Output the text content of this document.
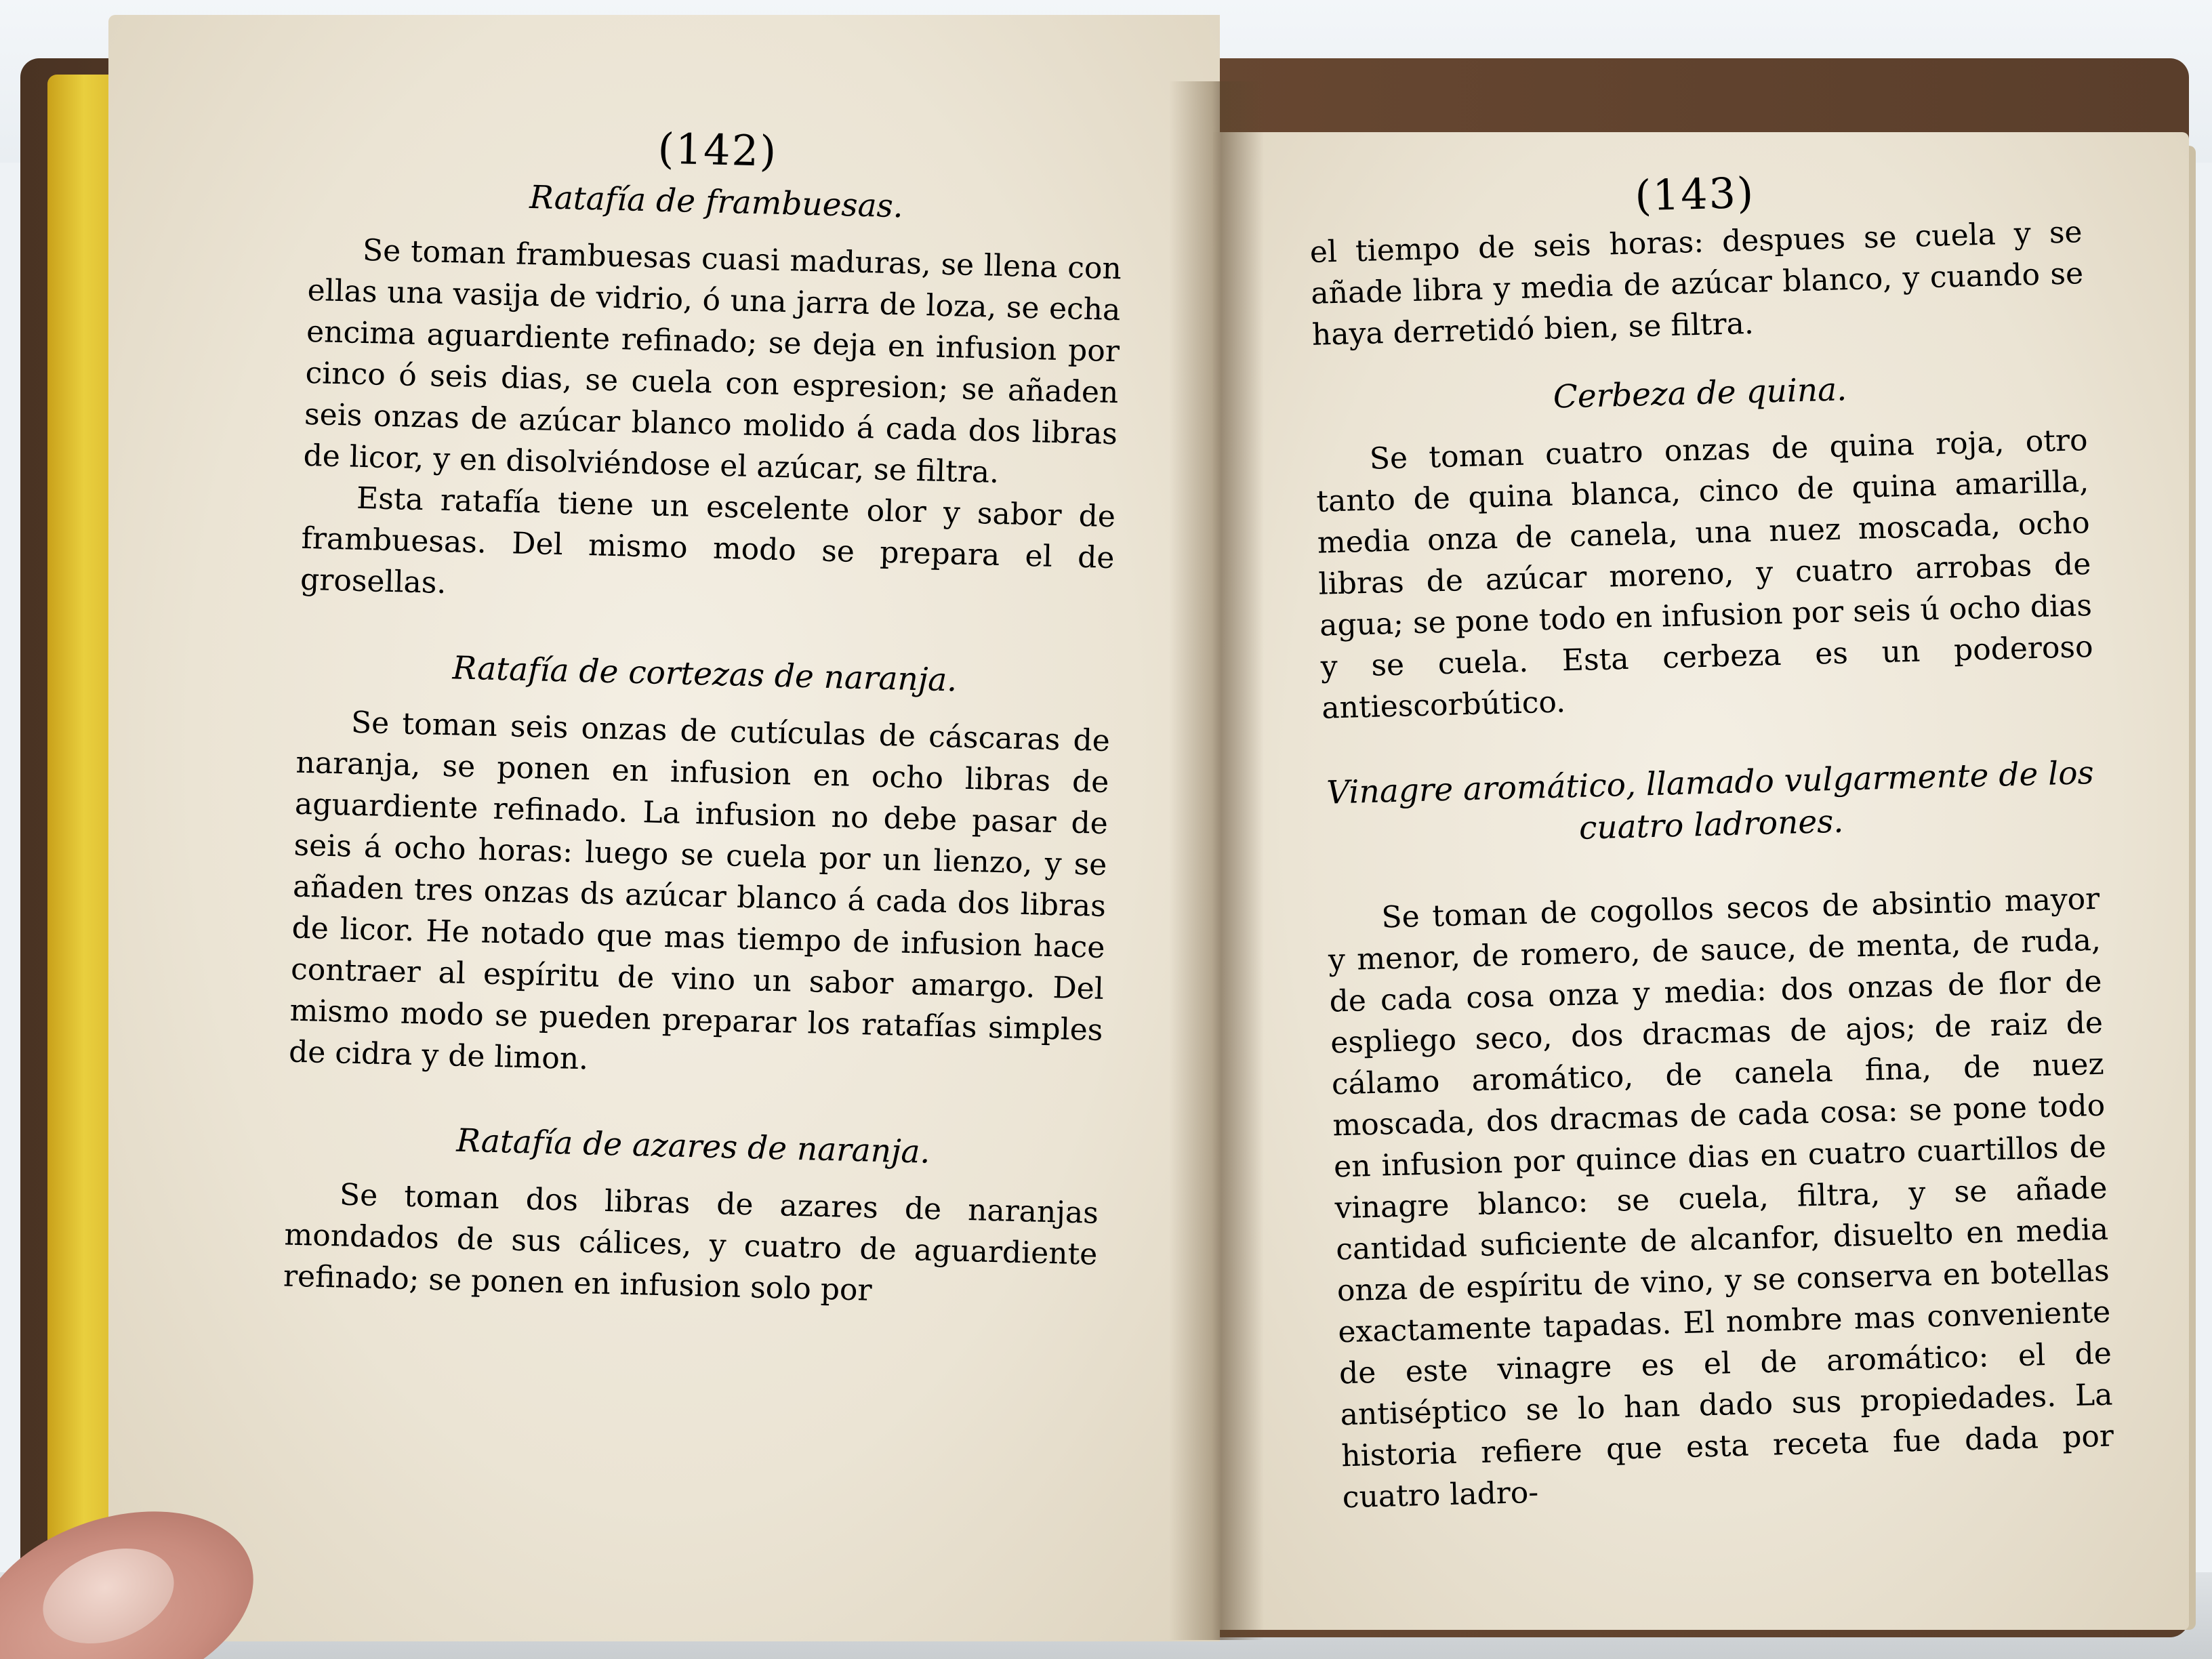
(142)
Ratafía de frambuesas.

Se toman frambuesas cuasi maduras, se llena con ellas una vasija de vidrio, ó una jarra de loza, se echa encima aguardiente refinado; se deja en infusion por cinco ó seis dias, se cuela con espresion; se añaden seis onzas de azúcar blanco molido á cada dos libras de licor, y en disolviéndose el azúcar, se filtra.

Esta ratafía tiene un escelente olor y sabor de frambuesas. Del mismo modo se prepara el de grosellas.

Ratafía de cortezas de naranja.

Se toman seis onzas de cutículas de cáscaras de naranja, se ponen en infusion en ocho libras de aguardiente refinado. La infusion no debe pasar de seis á ocho horas: luego se cuela por un lienzo, y se añaden tres onzas ds azúcar blanco á cada dos libras de licor. He notado que mas tiempo de infusion hace contraer al espíritu de vino un sabor amargo. Del mismo modo se pueden preparar los ratafías simples de cidra y de limon.

Ratafía de azares de naranja.

Se toman dos libras de azares de naranjas mondados de sus cálices, y cuatro de aguardiente refinado; se ponen en infusion solo por

(143)

el tiempo de seis horas: despues se cuela y se añade libra y media de azúcar blanco, y cuando se haya derretidó bien, se filtra.

Cerbeza de quina.

Se toman cuatro onzas de quina roja, otro tanto de quina blanca, cinco de quina amarilla, media onza de canela, una nuez moscada, ocho libras de azúcar moreno, y cuatro arrobas de agua; se pone todo en infusion por seis ú ocho dias y se cuela. Esta cerbeza es un poderoso antiescorbútico.

Vinagre aromático, llamado vulgarmente de los cuatro ladrones.

Se toman de cogollos secos de absintio mayor y menor, de romero, de sauce, de menta, de ruda, de cada cosa onza y media: dos onzas de flor de espliego seco, dos dracmas de ajos; de raiz de cálamo aromático, de canela fina, de nuez moscada, dos dracmas de cada cosa: se pone todo en infusion por quince dias en cuatro cuartillos de vinagre blanco: se cuela, filtra, y se añade cantidad suficiente de alcanfor, disuelto en media onza de espíritu de vino, y se conserva en botellas exactamente tapadas. El nombre mas conveniente de este vinagre es el de aromático: el de antiséptico se lo han dado sus propiedades. La historia refiere que esta receta fue dada por cuatro ladro-
